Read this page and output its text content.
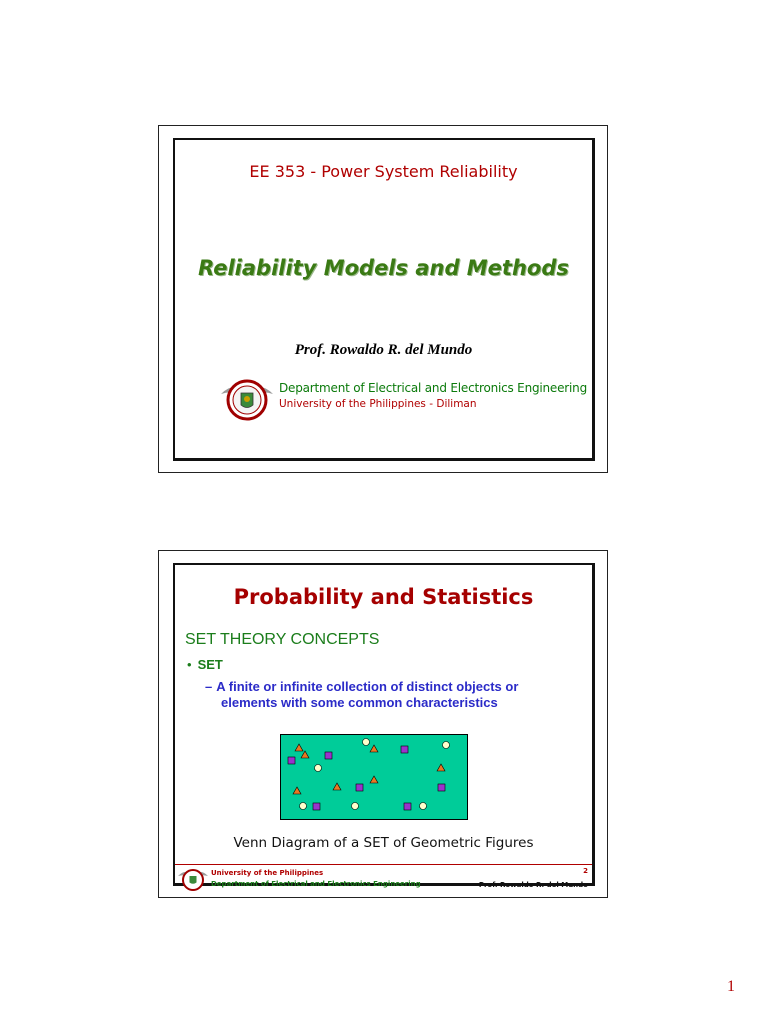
EE 353 - Power System Reliability
Reliability Models and Methods
Prof. Rowaldo R. del Mundo
Department of Electrical and Electronics Engineering
University of the Philippines - Diliman
Probability and Statistics
SET THEORY CONCEPTS
• SET
– A finite or infinite collection of distinct objects or
elements with some common characteristics
Venn Diagram of a SET of Geometric Figures
University of the Philippines
Department of Electrical and Electronics Engineering
2
Prof. Rowaldo R. del Mundo
1
